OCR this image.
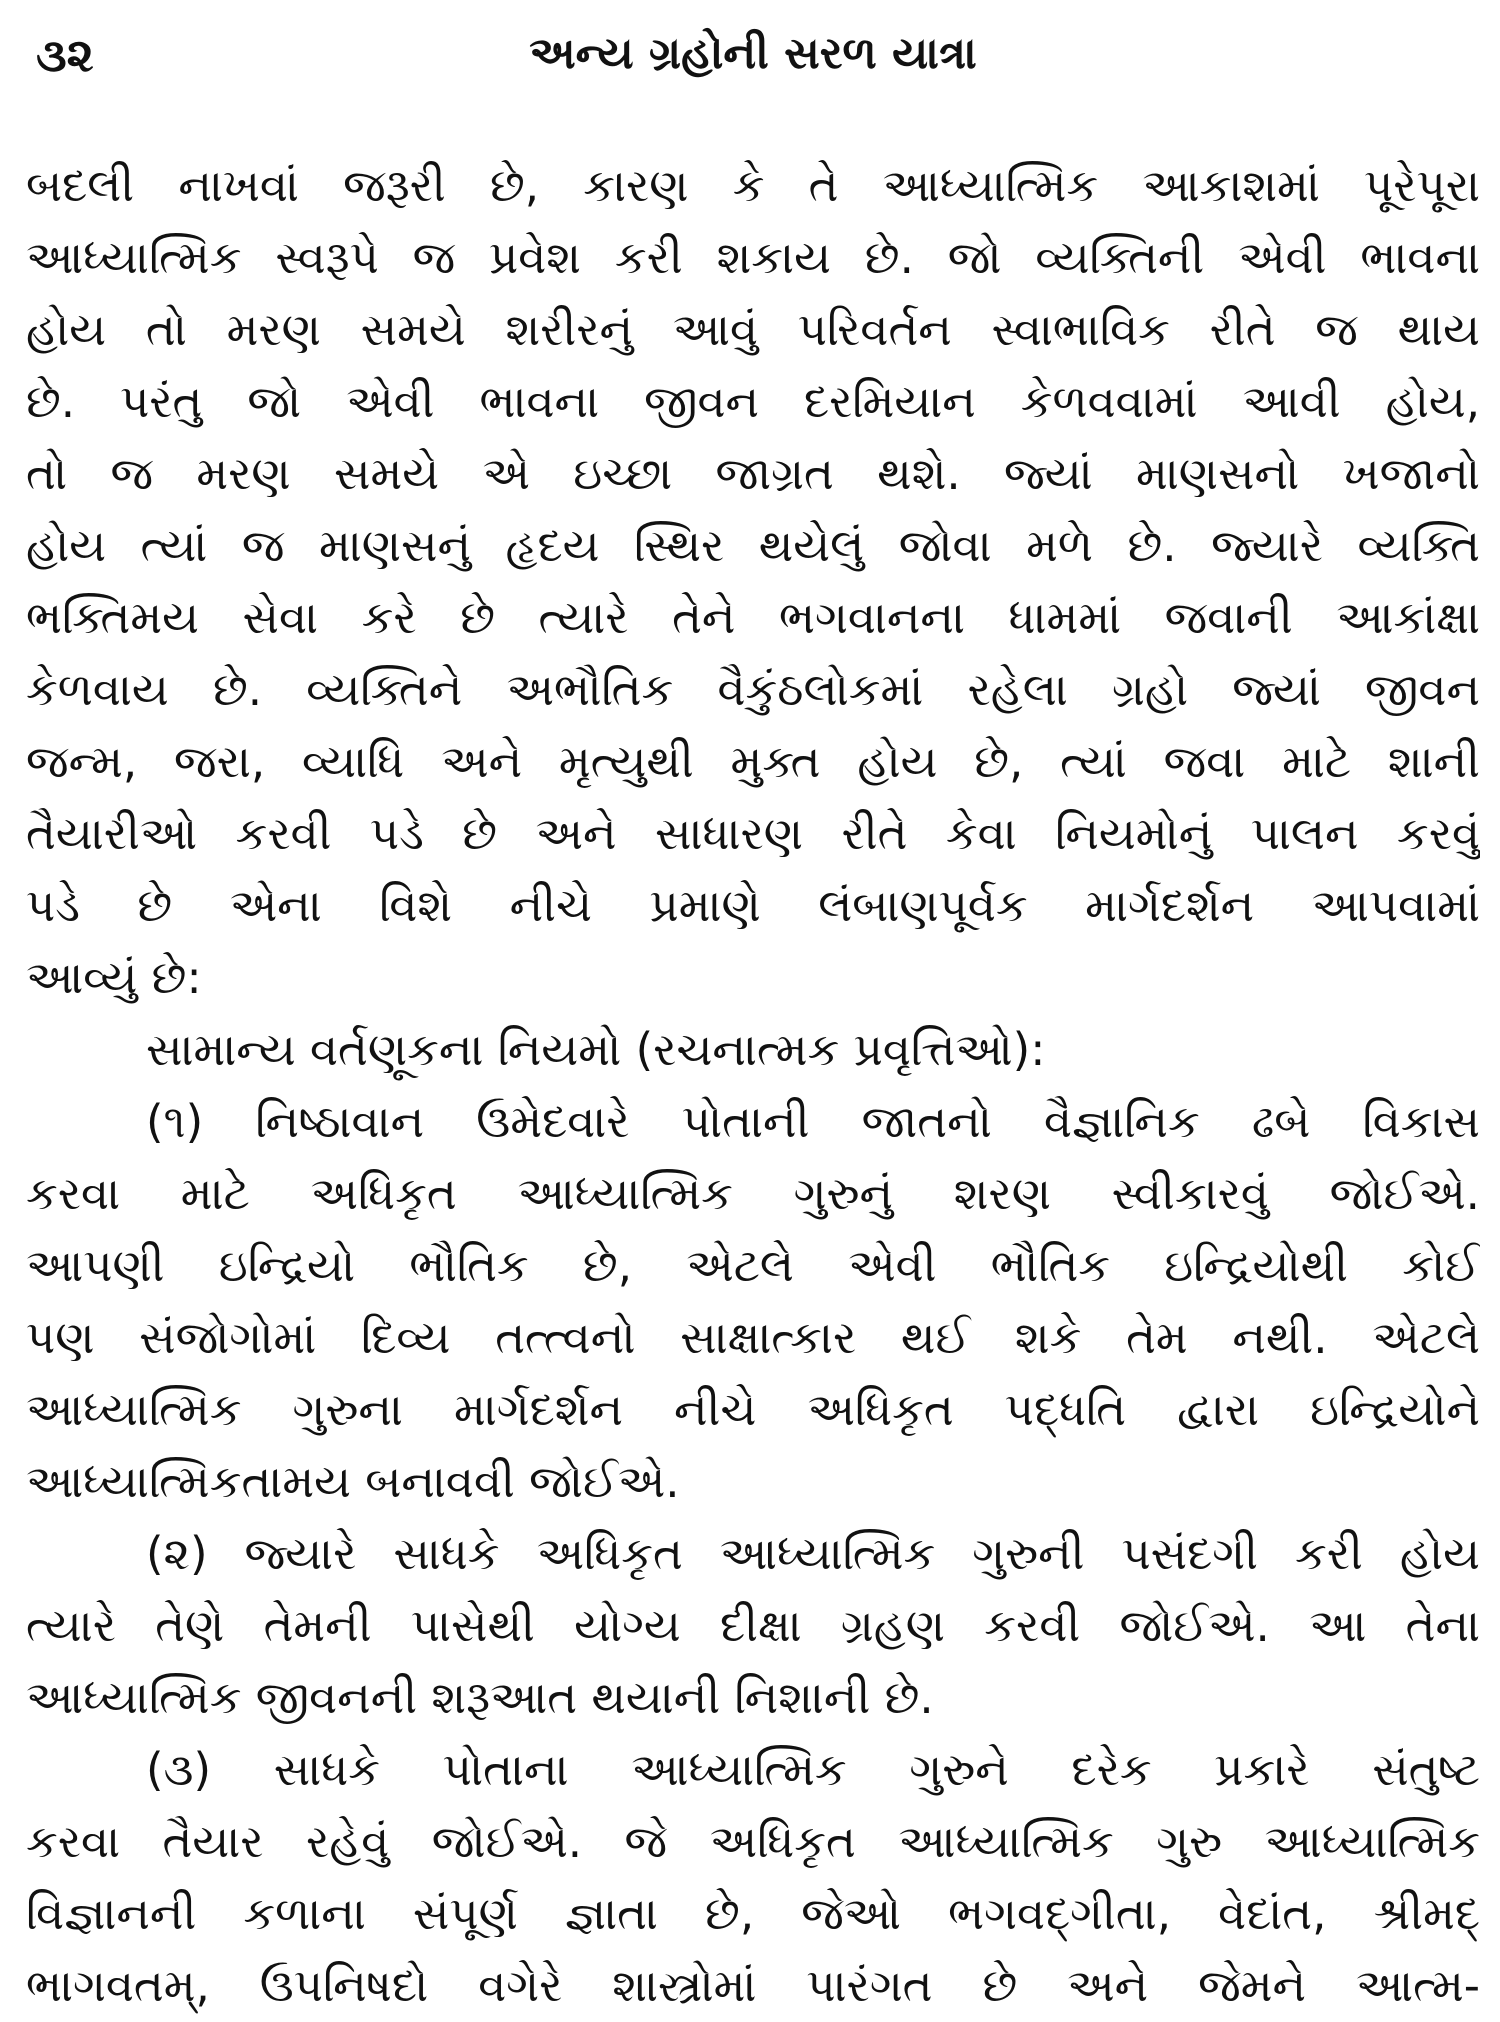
૩૨	અન્ય ગ્રહોની સરળ યાત્રા
બદલી નાખવાં જરૂરી છે, કારણ કે તે આધ્યાત્મિક આકાશમાં પૂરેપૂરા
આધ્યાત્મિક સ્વરૂપે જ પ્રવેશ કરી શકાય છે. જો વ્યક્તિની એવી ભાવના
હોય તો મરણ સમયે શરીરનું આવું પરિવર્તન સ્વાભાવિક રીતે જ થાય
છે. પરંતુ જો એવી ભાવના જીવન દરમિયાન કેળવવામાં આવી હોય,
તો જ મરણ સમયે એ ઇચ્છા જાગ્રત થશે. જ્યાં માણસનો ખજાનો
હોય ત્યાં જ માણસનું હૃદય સ્થિર થયેલું જોવા મળે છે. જ્યારે વ્યક્તિ
ભક્તિમય સેવા કરે છે ત્યારે તેને ભગવાનના ધામમાં જવાની આકાંક્ષા
કેળવાય છે. વ્યક્તિને અભૌતિક વૈકુંઠલોકમાં રહેલા ગ્રહો જ્યાં જીવન
જન્મ, જરા, વ્યાધિ અને મૃત્યુથી મુક્ત હોય છે, ત્યાં જવા માટે શાની
તૈયારીઓ કરવી પડે છે અને સાધારણ રીતે કેવા નિયમોનું પાલન કરવું
પડે છે એના વિશે નીચે પ્રમાણે લંબાણપૂર્વક માર્ગદર્શન આપવામાં
આવ્યું છે:
સામાન્ય વર્તણૂકના નિયમો (રચનાત્મક પ્રવૃત્તિઓ):
(૧) નિષ્ઠાવાન ઉમેદવારે પોતાની જાતનો વૈજ્ઞાનિક ઢબે વિકાસ
કરવા માટે અધિકૃત આધ્યાત્મિક ગુરુનું શરણ સ્વીકારવું જોઈએ.
આપણી ઇન્દ્રિયો ભૌતિક છે, એટલે એવી ભૌતિક ઇન્દ્રિયોથી કોઈ
પણ સંજોગોમાં દિવ્ય તત્ત્વનો સાક્ષાત્કાર થઈ શકે તેમ નથી. એટલે
આધ્યાત્મિક ગુરુના માર્ગદર્શન નીચે અધિકૃત પદ્ધતિ દ્વારા ઇન્દ્રિયોને
આધ્યાત્મિકતામય બનાવવી જોઈએ.
(૨) જ્યારે સાધકે અધિકૃત આધ્યાત્મિક ગુરુની પસંદગી કરી હોય
ત્યારે તેણે તેમની પાસેથી યોગ્ય દીક્ષા ગ્રહણ કરવી જોઈએ. આ તેના
આધ્યાત્મિક જીવનની શરૂઆત થયાની નિશાની છે.
(૩) સાધકે પોતાના આધ્યાત્મિક ગુરુને દરેક પ્રકારે સંતુષ્ટ
કરવા તૈયાર રહેવું જોઈએ. જે અધિકૃત આધ્યાત્મિક ગુરુ આધ્યાત્મિક
વિજ્ઞાનની કળાના સંપૂર્ણ જ્ઞાતા છે, જેઓ ભગવદ્ગીતા, વેદાંત, શ્રીમદ્
ભાગવતમ્, ઉપનિષદો વગેરે શાસ્ત્રોમાં પારંગત છે અને જેમને આત્મ-
